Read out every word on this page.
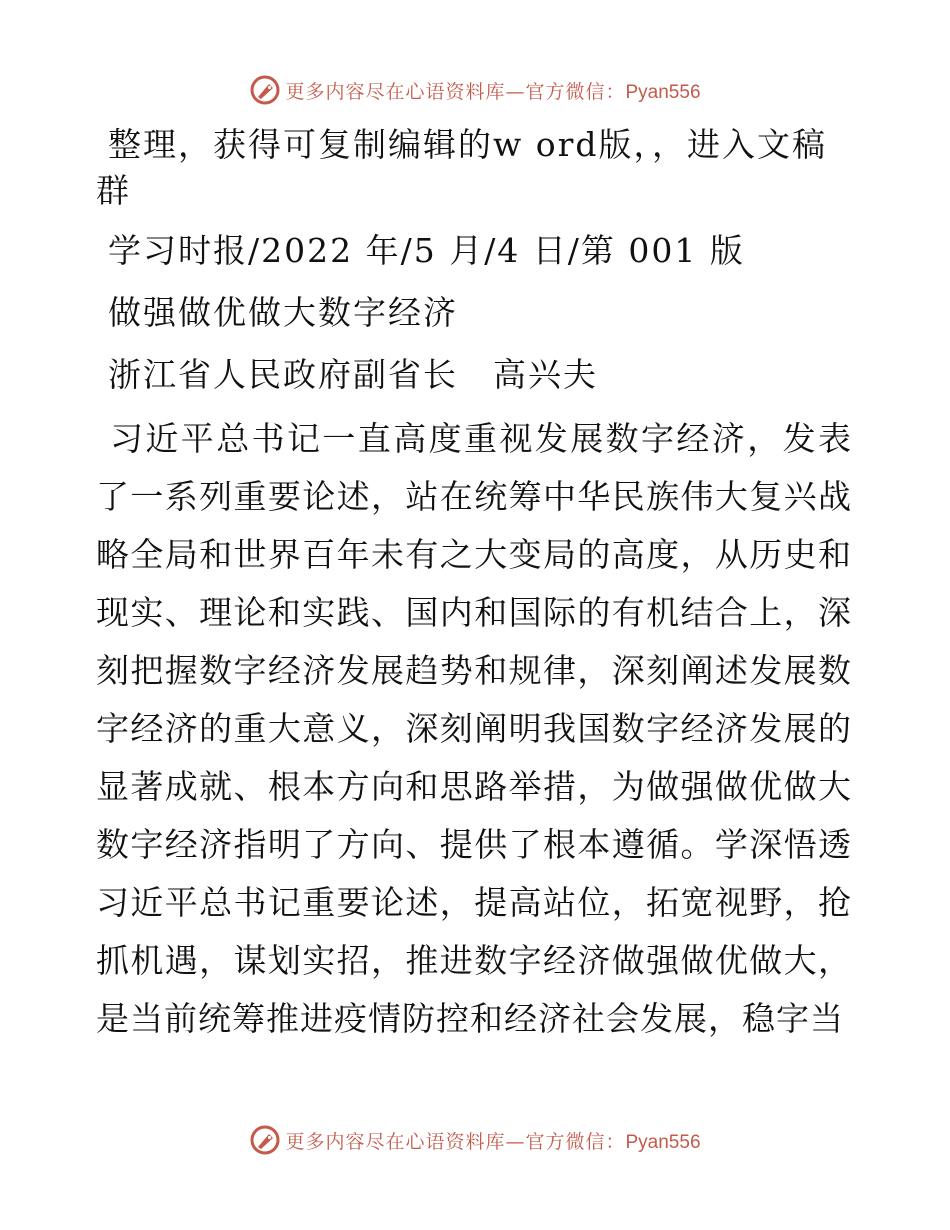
更多内容尽在心语资料库—官方微信：Pyan556
整理，获得可复制编辑的w ord版，，进入文稿
群
学习时报/2022 年/5 月/4 日/第 001 版
做强做优做大数字经济
浙江省人民政府副省长　高兴夫
习近平总书记一直高度重视发展数字经济，发表了一系列重要论述，站在统筹中华民族伟大复兴战略全局和世界百年未有之大变局的高度，从历史和现实、理论和实践、国内和国际的有机结合上，深刻把握数字经济发展趋势和规律，深刻阐述发展数字经济的重大意义，深刻阐明我国数字经济发展的显著成就、根本方向和思路举措，为做强做优做大数字经济指明了方向、提供了根本遵循。学深悟透习近平总书记重要论述，提高站位，拓宽视野，抢抓机遇，谋划实招，推进数字经济做强做优做大，是当前统筹推进疫情防控和经济社会发展，稳字当
更多内容尽在心语资料库—官方微信：Pyan556
